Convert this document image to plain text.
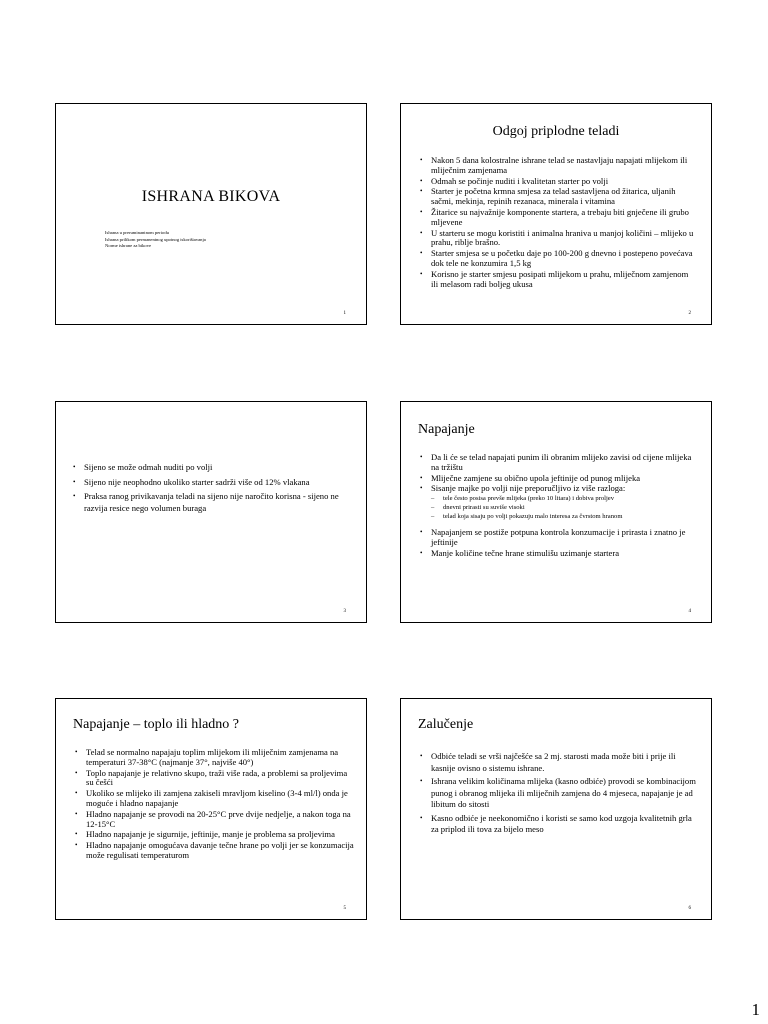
ISHRANA BIKOVA
Ishrana u preruminantnom periodu
Ishrana prilikom permanentnog upotnog iskorištavanja
Norme ishrane za bikove
1
Odgoj priplodne teladi
• Nakon 5 dana kolostralne ishrane telad se nastavljaju napajati mlijekom ili mliječnim zamjenama
• Odmah se počinje nuditi i kvalitetan starter po volji
• Starter je početna krmna smjesa za telad sastavljena od žitarica, uljanih sačmi, mekinja, repinih rezanaca, minerala i vitamina
• Žitarice su najvažnije komponente startera, a trebaju biti gnječene ili grubo mljevene
• U starteru se mogu koristiti i animalna hraniva u manjoj količini – mlijeko u prahu, riblje brašno.
• Starter smjesa se u početku daje po 100-200 g dnevno i postepeno povećava dok tele ne konzumira 1,5 kg
• Korisno je starter smjesu posipati mlijekom u prahu, mliječnom zamjenom ili melasom radi boljeg ukusa
2
• Sijeno se može odmah nuditi po volji
• Sijeno nije neophodno ukoliko starter sadrži više od 12% vlakana
• Praksa ranog privikavanja teladi na sijeno nije naročito korisna - sijeno ne razvija resice nego volumen buraga
3
Napajanje
• Da li će se telad napajati punim ili obranim mlijeko zavisi od cijene mlijeka na tržištu
• Mliječne zamjene su obično upola jeftinije od punog mlijeka
• Sisanje majke po volji nije preporučljivo iz više razloga:
– tele često posisa prevše mlijeka (preko 10 litara) i dobiva proljev
– dnevni prirasti su suviše visoki
– telad koja sisaju po volji pokazuju malo interesa za čvrstom hranom
• Napajanjem se postiže potpuna kontrola konzumacije i prirasta i znatno je jeftinije
• Manje količine tečne hrane stimulišu uzimanje startera
4
Napajanje – toplo ili hladno ?
• Telad se normalno napajaju toplim mlijekom ili mliječnim zamjenama na temperaturi 37-38°C (najmanje 37°, najviše 40°)
• Toplo napajanje je relativno skupo, traži više rada, a problemi sa proljevima su češći
• Ukoliko se mlijeko ili zamjena zakiseli mravljom kiselino (3-4 ml/l) onda je moguće i hladno napajanje
• Hladno napajanje se provodi na 20-25°C prve dvije nedjelje, a nakon toga na 12-15°C
• Hladno napajanje je sigurnije, jeftinije, manje je problema sa proljevima
• Hladno napajanje omogućava davanje tečne hrane po volji jer se konzumacija može regulisati temperaturom
5
Zalučenje
• Odbiće teladi se vrši najčešće sa 2 mj. starosti mada može biti i prije ili kasnije ovisno o sistemu ishrane.
• Ishrana velikim količinama mlijeka (kasno odbiće) provodi se kombinacijom punog i obranog mlijeka ili mliječnih zamjena do 4 mjeseca, napajanje je ad libitum do sitosti
• Kasno odbiće je neekonomično i koristi se samo kod uzgoja kvalitetnih grla za priplod ili tova za bijelo meso
6
1
